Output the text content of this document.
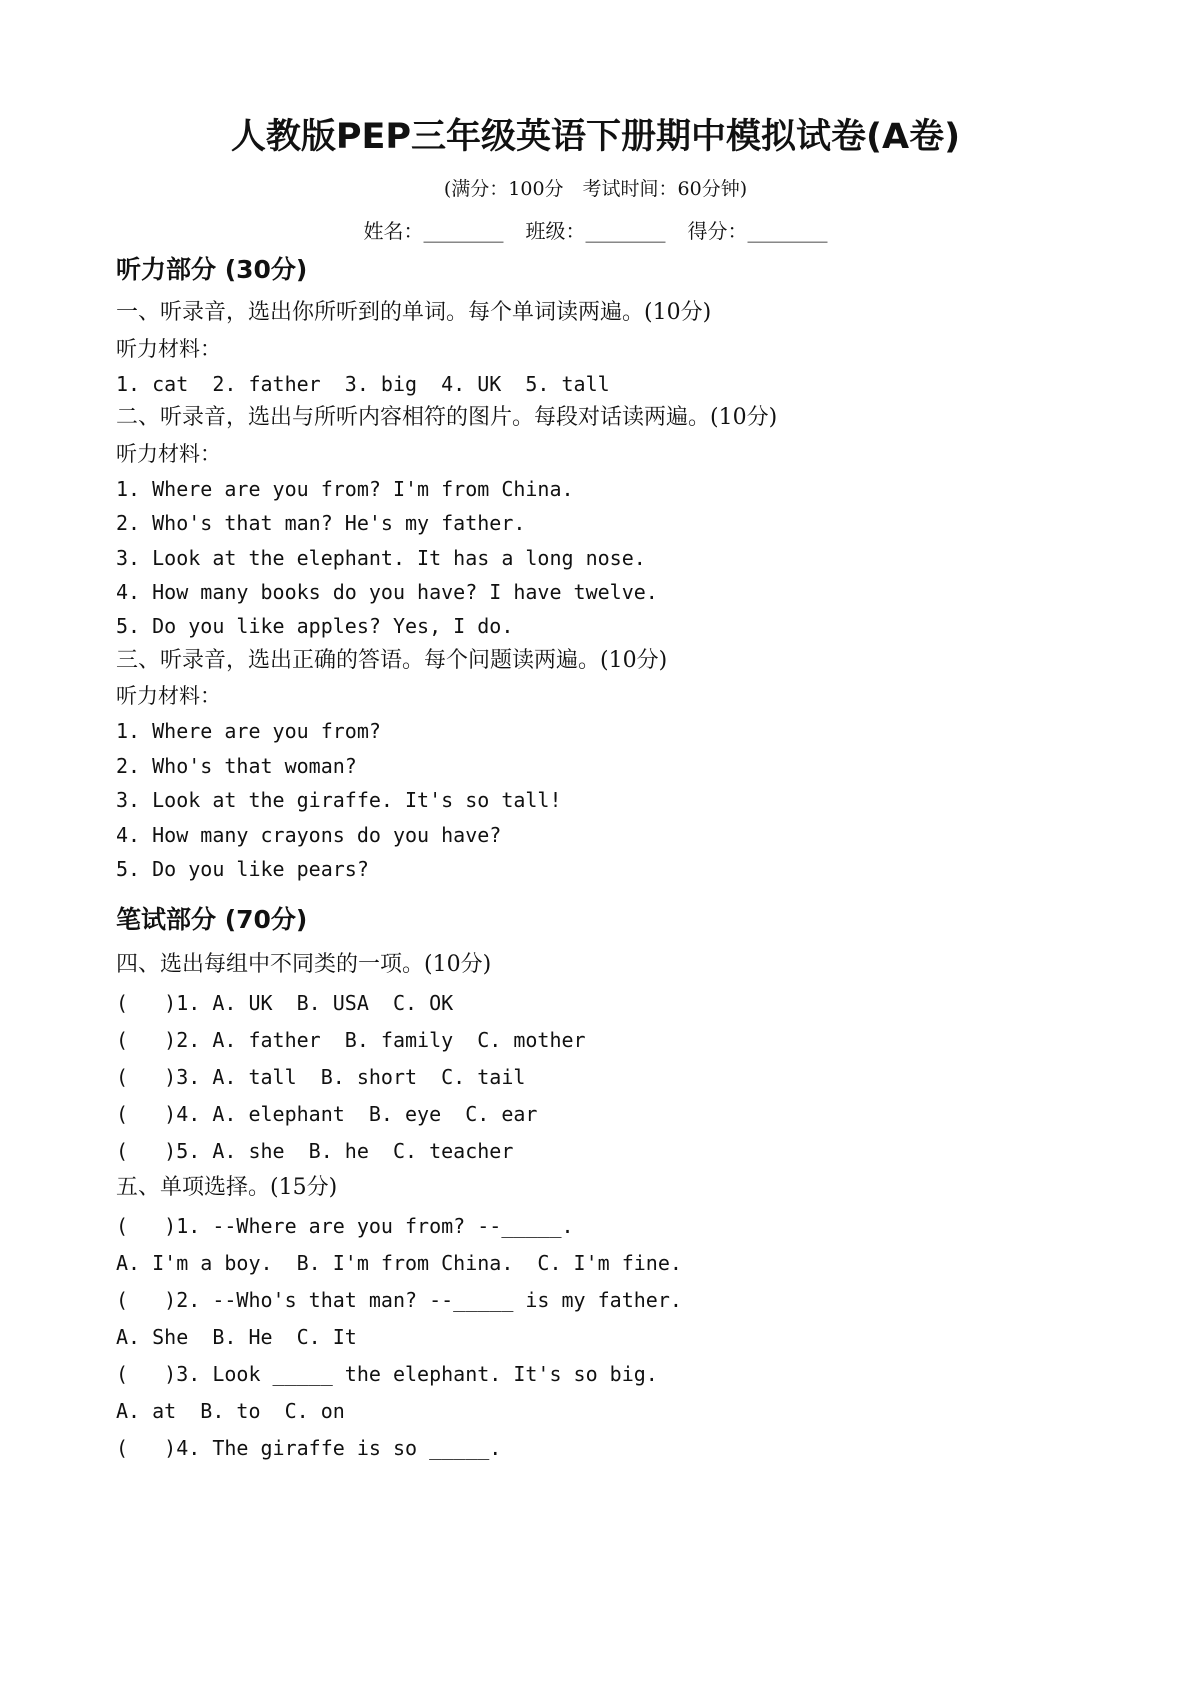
人教版PEP三年级英语下册期中模拟试卷(A卷)
(满分：100分　考试时间：60分钟)
姓名：________ 班级：________ 得分：________
听力部分 (30分)
一、听录音，选出你所听到的单词。每个单词读两遍。(10分)
听力材料：
1. cat  2. father  3. big  4. UK  5. tall
二、听录音，选出与所听内容相符的图片。每段对话读两遍。(10分)
听力材料：
1. Where are you from? I'm from China.
2. Who's that man? He's my father.
3. Look at the elephant. It has a long nose.
4. How many books do you have? I have twelve.
5. Do you like apples? Yes, I do.
三、听录音，选出正确的答语。每个问题读两遍。(10分)
听力材料：
1. Where are you from?
2. Who's that woman?
3. Look at the giraffe. It's so tall!
4. How many crayons do you have?
5. Do you like pears?
笔试部分 (70分)
四、选出每组中不同类的一项。(10分)
(   )1. A. UK  B. USA  C. OK
(   )2. A. father  B. family  C. mother
(   )3. A. tall  B. short  C. tail
(   )4. A. elephant  B. eye  C. ear
(   )5. A. she  B. he  C. teacher
五、单项选择。(15分)
(   )1. --Where are you from? --_____.
A. I'm a boy.  B. I'm from China.  C. I'm fine.
(   )2. --Who's that man? --_____ is my father.
A. She  B. He  C. It
(   )3. Look _____ the elephant. It's so big.
A. at  B. to  C. on
(   )4. The giraffe is so _____.
